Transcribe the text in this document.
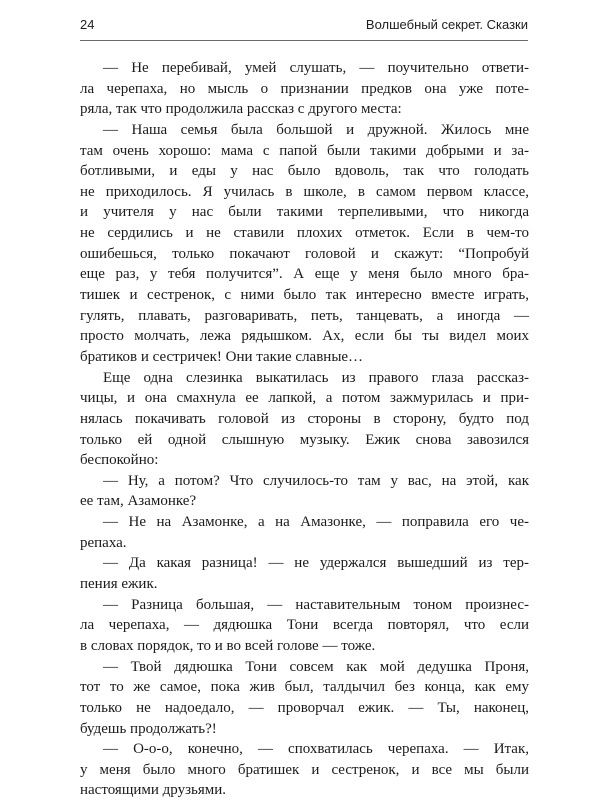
24	Волшебный секрет. Сказки
— Не перебивай, умей слушать, — поучительно ответи-
ла черепаха, но мысль о признании предков она уже поте-
ряла, так что продолжила рассказ с другого места:
— Наша семья была большой и дружной. Жилось мне
там очень хорошо: мама с папой были такими добрыми и за-
ботливыми, и еды у нас было вдоволь, так что голодать
не приходилось. Я училась в школе, в самом первом классе,
и учителя у нас были такими терпеливыми, что никогда
не сердились и не ставили плохих отметок. Если в чем-то
ошибешься, только покачают головой и скажут: “Попробуй
еще раз, у тебя получится”. А еще у меня было много бра-
тишек и сестренок, с ними было так интересно вместе играть,
гулять, плавать, разговаривать, петь, танцевать, а иногда —
просто молчать, лежа рядышком. Ах, если бы ты видел моих
братиков и сестричек! Они такие славные…
Еще одна слезинка выкатилась из правого глаза рассказ-
чицы, и она смахнула ее лапкой, а потом зажмурилась и при-
нялась покачивать головой из стороны в сторону, будто под
только ей одной слышную музыку. Ежик снова завозился
беспокойно:
— Ну, а потом? Что случилось-то там у вас, на этой, как
ее там, Азамонке?
— Не на Азамонке, а на Амазонке, — поправила его че-
репаха.
— Да какая разница! — не удержался вышедший из тер-
пения ежик.
— Разница большая, — наставительным тоном произнес-
ла черепаха, — дядюшка Тони всегда повторял, что если
в словах порядок, то и во всей голове — тоже.
— Твой дядюшка Тони совсем как мой дедушка Проня,
тот то же самое, пока жив был, талдычил без конца, как ему
только не надоедало, — проворчал ежик. — Ты, наконец,
будешь продолжать?!
— О-о-о, конечно, — спохватилась черепаха. — Итак,
у меня было много братишек и сестренок, и все мы были
настоящими друзьями.
